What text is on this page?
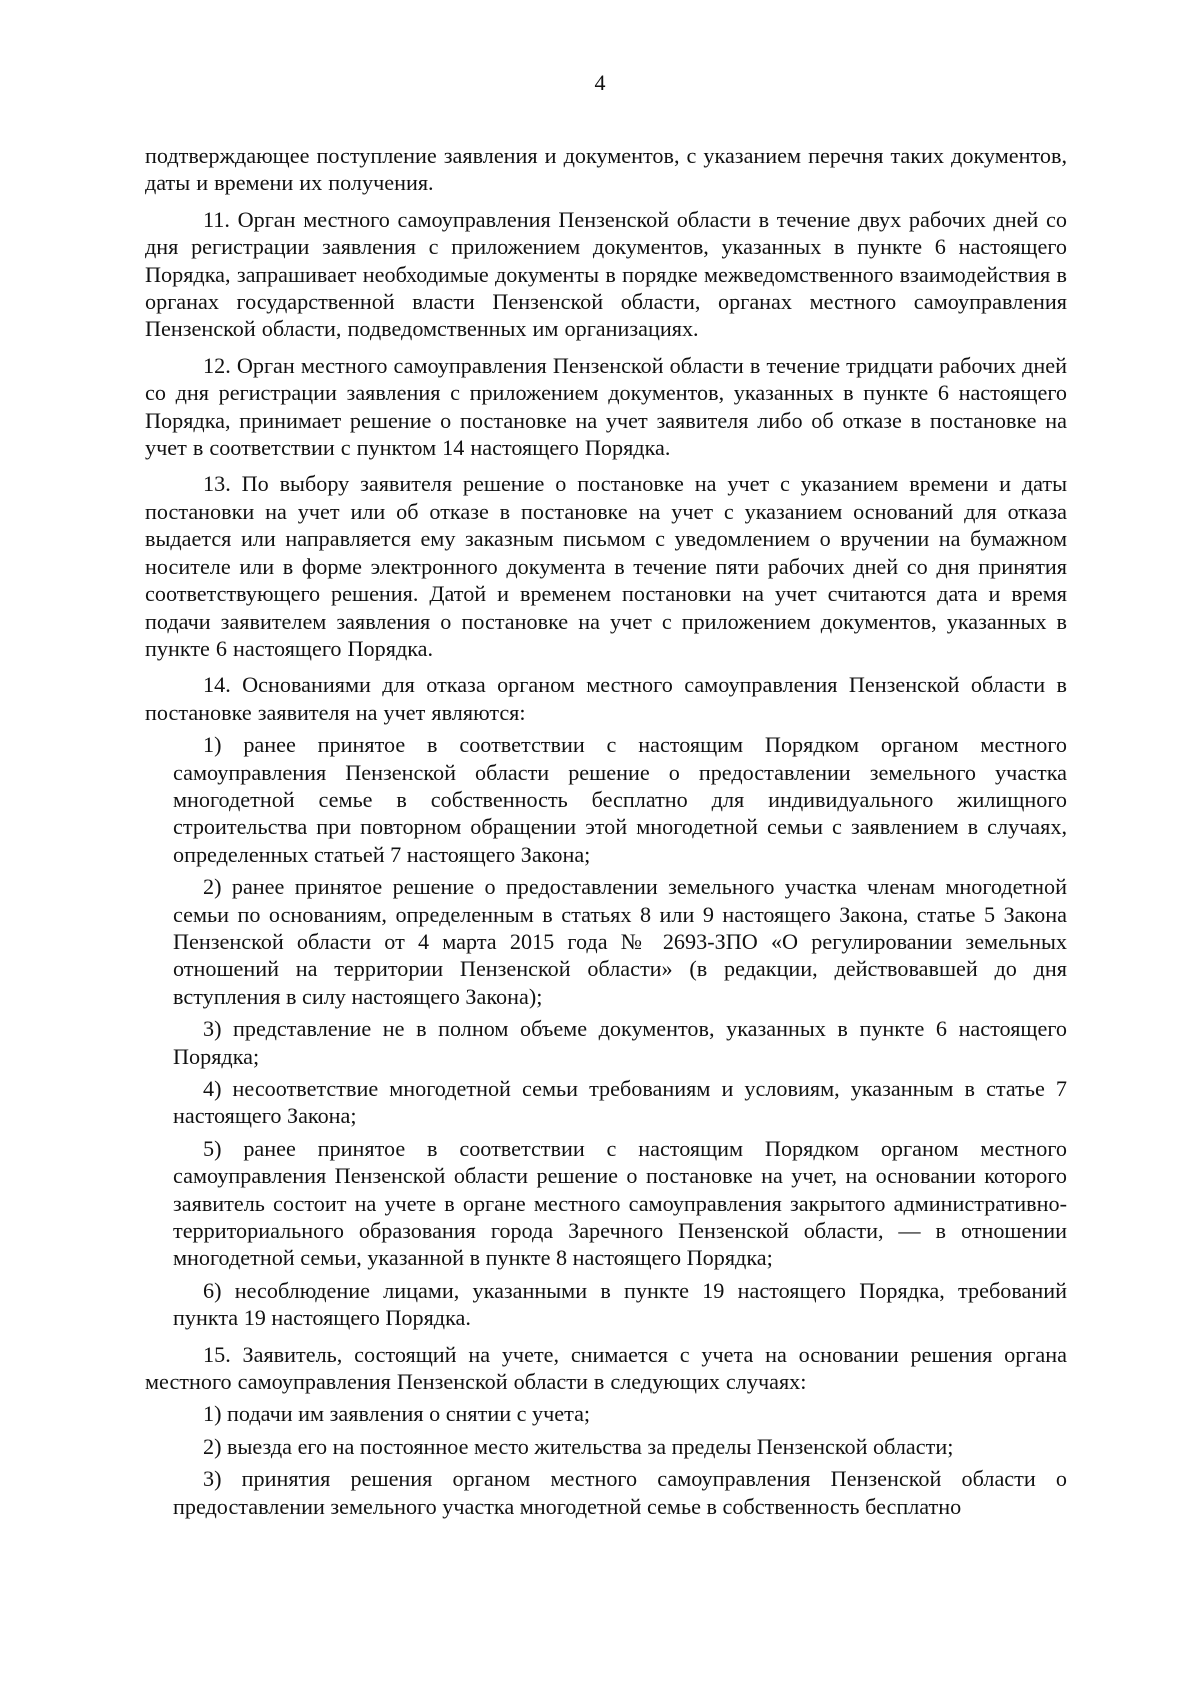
4

подтверждающее поступление заявления и документов, с указанием перечня таких документов, даты и времени их получения.

11. Орган местного самоуправления Пензенской области в течение двух рабочих дней со дня регистрации заявления с приложением документов, указанных в пункте 6 настоящего Порядка, запрашивает необходимые документы в порядке межведомственного взаимодействия в органах государственной власти Пензенской области, органах местного самоуправления Пензенской области, подведомственных им организациях.

12. Орган местного самоуправления Пензенской области в течение тридцати рабочих дней со дня регистрации заявления с приложением документов, указанных в пункте 6 настоящего Порядка, принимает решение о постановке на учет заявителя либо об отказе в постановке на учет в соответствии с пунктом 14 настоящего Порядка.

13. По выбору заявителя решение о постановке на учет с указанием времени и даты постановки на учет или об отказе в постановке на учет с указанием оснований для отказа выдается или направляется ему заказным письмом с уведомлением о вручении на бумажном носителе или в форме электронного документа в течение пяти рабочих дней со дня принятия соответствующего решения. Датой и временем постановки на учет считаются дата и время подачи заявителем заявления о постановке на учет с приложением документов, указанных в пункте 6 настоящего Порядка.

14. Основаниями для отказа органом местного самоуправления Пензенской области в постановке заявителя на учет являются:

1) ранее принятое в соответствии с настоящим Порядком органом местного самоуправления Пензенской области решение о предоставлении земельного участка многодетной семье в собственность бесплатно для индивидуального жилищного строительства при повторном обращении этой многодетной семьи с заявлением в случаях, определенных статьей 7 настоящего Закона;

2) ранее принятое решение о предоставлении земельного участка членам многодетной семьи по основаниям, определенным в статьях 8 или 9 настоящего Закона, статье 5 Закона Пензенской области от 4 марта 2015 года № 2693-ЗПО «О регулировании земельных отношений на территории Пензенской области» (в редакции, действовавшей до дня вступления в силу настоящего Закона);

3) представление не в полном объеме документов, указанных в пункте 6 настоящего Порядка;

4) несоответствие многодетной семьи требованиям и условиям, указанным в статье 7 настоящего Закона;

5) ранее принятое в соответствии с настоящим Порядком органом местного самоуправления Пензенской области решение о постановке на учет, на основании которого заявитель состоит на учете в органе местного самоуправления закрытого административно-территориального образования города Заречного Пензенской области, — в отношении многодетной семьи, указанной в пункте 8 настоящего Порядка;

6) несоблюдение лицами, указанными в пункте 19 настоящего Порядка, требований пункта 19 настоящего Порядка.

15. Заявитель, состоящий на учете, снимается с учета на основании решения органа местного самоуправления Пензенской области в следующих случаях:

1) подачи им заявления о снятии с учета;

2) выезда его на постоянное место жительства за пределы Пензенской области;

3) принятия решения органом местного самоуправления Пензенской области о предоставлении земельного участка многодетной семье в собственность бесплатно
